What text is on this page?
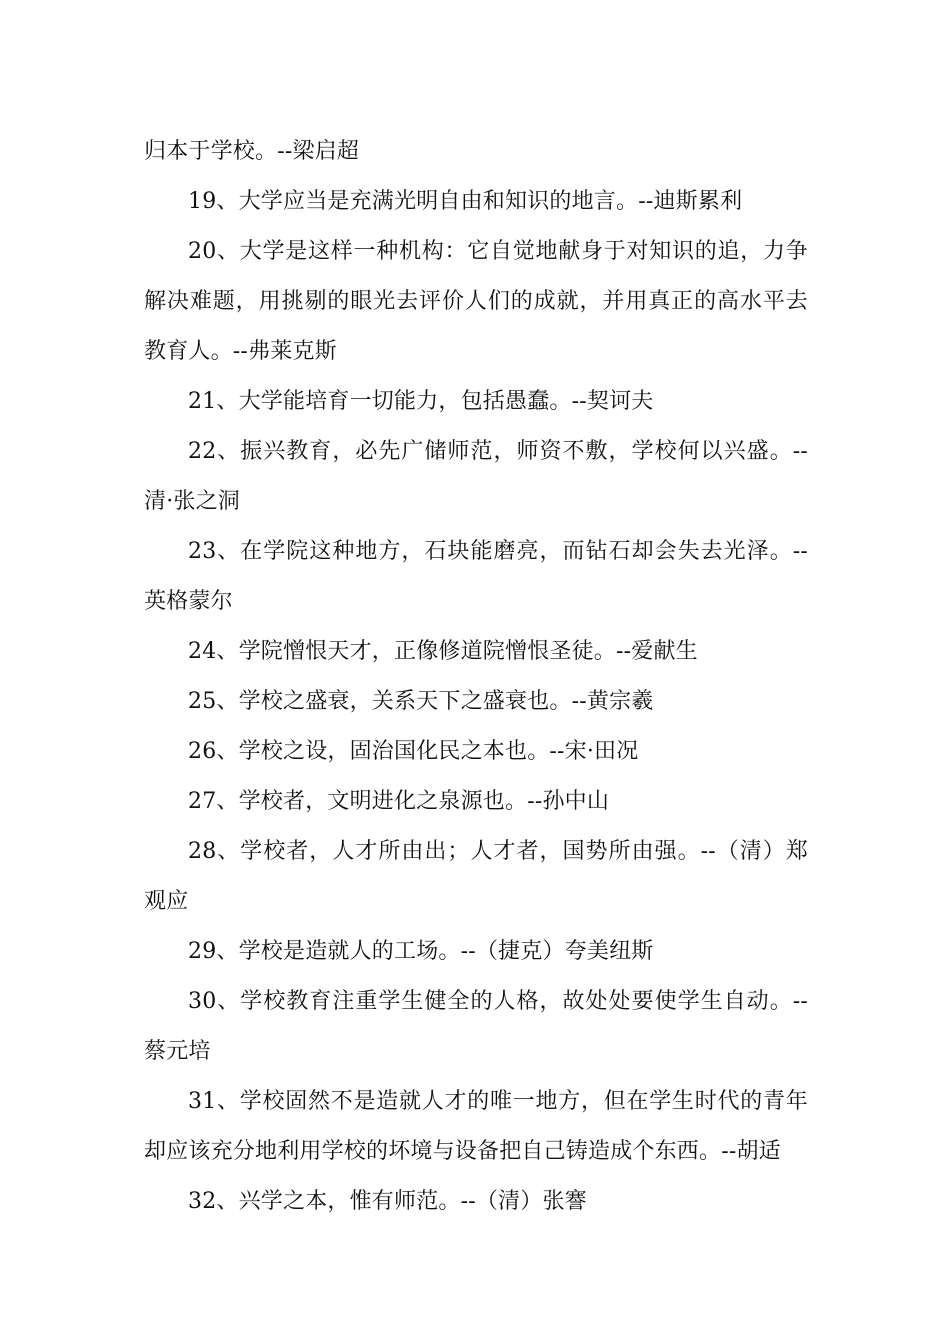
归本于学校。--梁启超

19、大学应当是充满光明自由和知识的地言。--迪斯累利

20、大学是这样一种机构：它自觉地献身于对知识的追，力争解决难题，用挑剔的眼光去评价人们的成就，并用真正的高水平去教育人。--弗莱克斯

21、大学能培育一切能力，包括愚蠢。--契诃夫

22、振兴教育，必先广储师范，师资不敷，学校何以兴盛。--清·张之洞

23、在学院这种地方，石块能磨亮，而钻石却会失去光泽。--英格蒙尔

24、学院憎恨天才，正像修道院憎恨圣徒。--爱献生

25、学校之盛衰，关系天下之盛衰也。--黄宗羲

26、学校之设，固治国化民之本也。--宋·田况

27、学校者，文明进化之泉源也。--孙中山

28、学校者，人才所由出；人才者，国势所由强。--（清）郑观应

29、学校是造就人的工场。--（捷克）夸美纽斯

30、学校教育注重学生健全的人格，故处处要使学生自动。--蔡元培

31、学校固然不是造就人才的唯一地方，但在学生时代的青年却应该充分地利用学校的坏境与设备把自己铸造成个东西。--胡适

32、兴学之本，惟有师范。--（清）张謇
